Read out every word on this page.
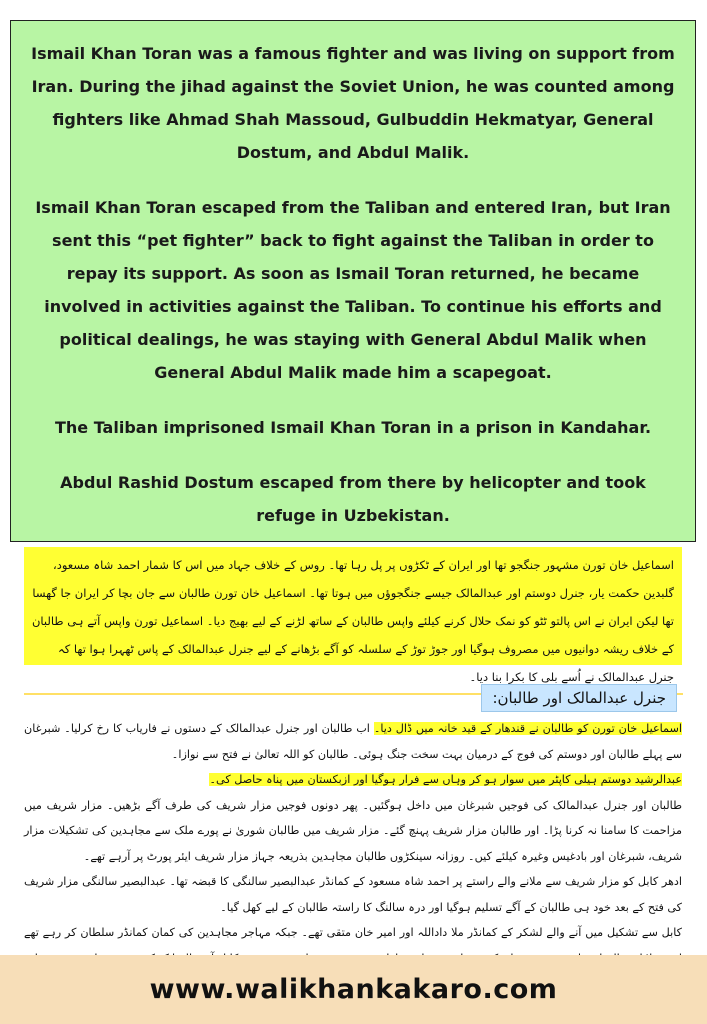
Ismail Khan Toran was a famous fighter and was living on support from Iran. During the jihad against the Soviet Union, he was counted among fighters like Ahmad Shah Massoud, Gulbuddin Hekmatyar, General Dostum, and Abdul Malik.

Ismail Khan Toran escaped from the Taliban and entered Iran, but Iran sent this “pet fighter” back to fight against the Taliban in order to repay its support. As soon as Ismail Toran returned, he became involved in activities against the Taliban. To continue his efforts and political dealings, he was staying with General Abdul Malik when General Abdul Malik made him a scapegoat.

The Taliban imprisoned Ismail Khan Toran in a prison in Kandahar.

Abdul Rashid Dostum escaped from there by helicopter and took refuge in Uzbekistan.

اسماعیل خان تورن مشہور جنگجو تھا اور ایران کے ٹکڑوں پر پل رہا تھا۔ روس کے خلاف جہاد میں اس کا شمار احمد شاہ مسعود، گلبدین حکمت یار، جنرل دوستم اور عبدالمالک جیسے جنگجوؤں میں ہوتا تھا۔ اسماعیل خان تورن طالبان سے جان بچا کر ایران جا گھسا تھا لیکن ایران نے اس پالتو ٹٹو کو نمک حلال کرنے کیلئے واپس طالبان کے ساتھ لڑنے کے لیے بھیج دیا۔ اسماعیل تورن واپس آتے ہی طالبان کے خلاف ریشہ دوانیوں میں مصروف ہوگیا اور جوڑ توڑ کے سلسلہ کو آگے بڑھانے کے لیے جنرل عبدالمالک کے پاس ٹھہرا ہوا تھا کہ جنرل عبدالمالک نے اُسے بلی کا بکرا بنا دیا۔
جنرل عبدالمالک اور طالبان:
اسماعیل خان تورن کو طالبان نے قندھار کے قید خانہ میں ڈال دیا۔ اب طالبان اور جنرل عبدالمالک کے دستوں نے فاریاب کا رخ کرلیا۔ شبرغان سے پہلے طالبان اور دوستم کی فوج کے درمیان بہت سخت جنگ ہوئی۔ طالبان کو اللہ تعالیٰ نے فتح سے نوازا۔
عبدالرشید دوستم ہیلی کاپٹر میں سوار ہو کر وہاں سے فرار ہوگیا اور ازبکستان میں پناہ حاصل کی۔
طالبان اور جنرل عبدالمالک کی فوجیں شبرغان میں داخل ہوگئیں۔ پھر دونوں فوجیں مزار شریف کی طرف آگے بڑھیں۔ مزار شریف میں مزاحمت کا سامنا نہ کرنا پڑا۔ اور طالبان مزار شریف پہنچ گئے۔ مزار شریف میں طالبان شوریٰ نے پورے ملک سے مجاہدین کی تشکیلات مزار شریف، شبرغان اور بادغیس وغیرہ کیلئے کیں۔ روزانہ سینکڑوں طالبان مجاہدین بذریعہ جہاز مزار شریف ایئر پورٹ پر آرہے تھے۔
ادھر کابل کو مزار شریف سے ملانے والے راستے پر احمد شاہ مسعود کے کمانڈر عبدالبصیر سالنگی کا قبضہ تھا۔ عبدالبصیر سالنگی مزار شریف کی فتح کے بعد خود ہی طالبان کے آگے تسلیم ہوگیا اور درہ سالنگ کا راستہ طالبان کے لیے کھل گیا۔
کابل سے تشکیل میں آنے والے لشکر کے کمانڈر ملا داداللہ اور امیر خان متقی تھے۔ جبکہ مہاجر مجاہدین کی کمان کمانڈر سلطان کر رہے تھے
www.walikhankakaro.com
